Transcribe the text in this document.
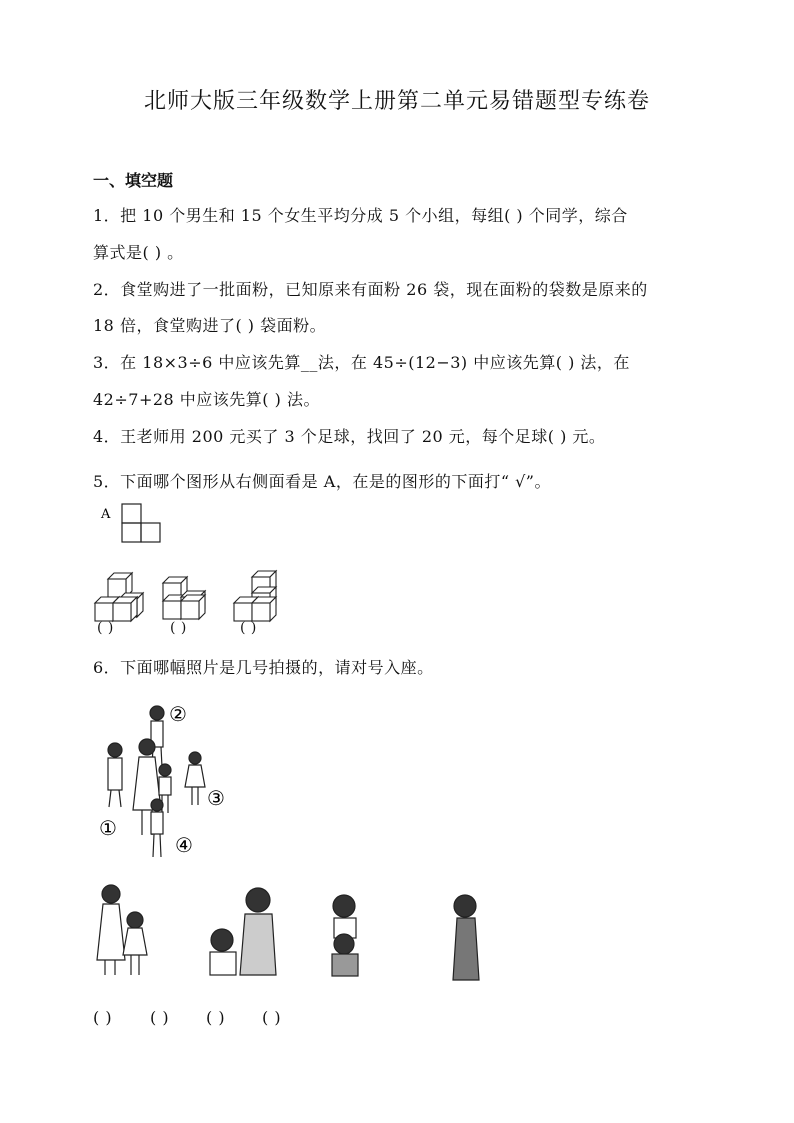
北师大版三年级数学上册第二单元易错题型专练卷
一、填空题
1．把 10 个男生和 15 个女生平均分成 5 个小组，每组( ) 个同学，综合
算式是( ) 。
2．食堂购进了一批面粉，已知原来有面粉 26 袋，现在面粉的袋数是原来的
18 倍，食堂购进了( ) 袋面粉。
3．在 18×3÷6 中应该先算__法，在 45÷(12−3) 中应该先算( ) 法，在
42÷7+28 中应该先算( ) 法。
4．王老师用 200 元买了 3 个足球，找回了 20 元，每个足球( ) 元。
5．下面哪个图形从右侧面看是 A，在是的图形的下面打“ √”。
A
( )	( )	( )
6．下面哪幅照片是几号拍摄的，请对号入座。
②
③
①
④
( ) ( ) ( ) ( )
